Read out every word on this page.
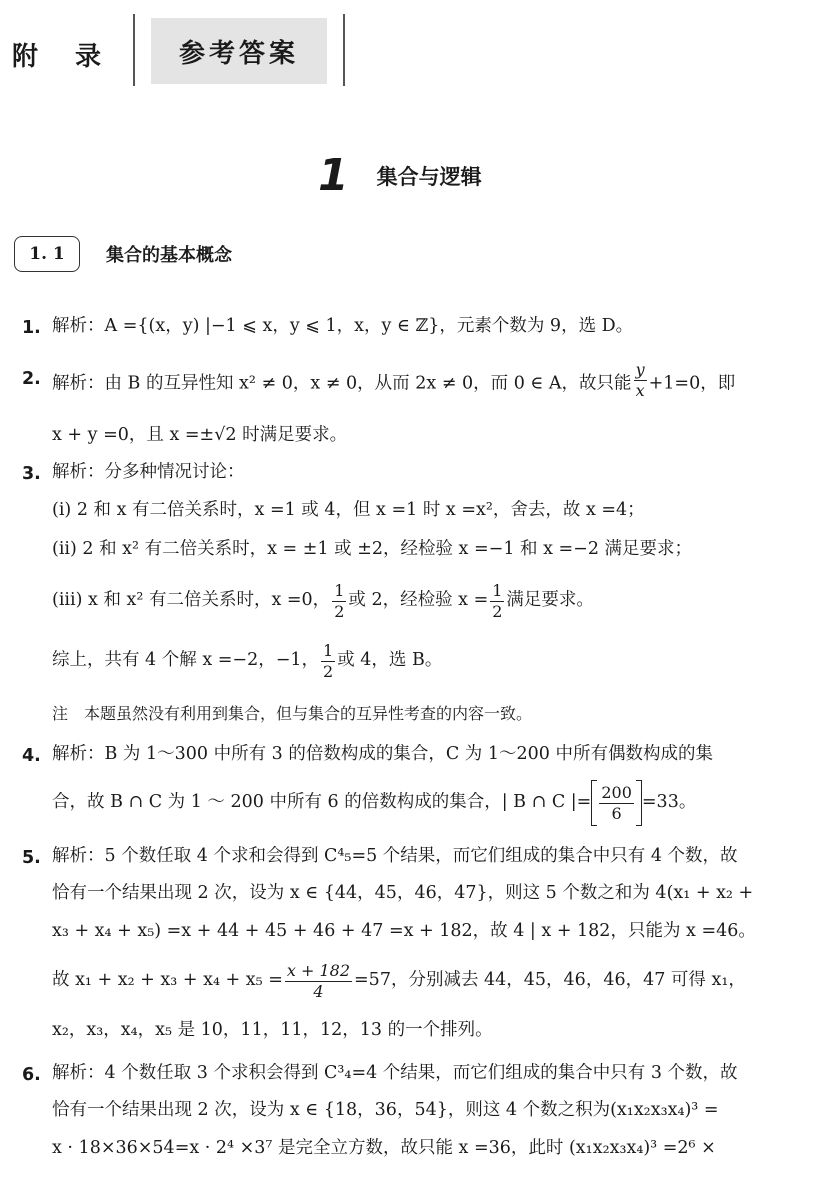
附 录	参考答案
1 集合与逻辑
1. 1	集合的基本概念
1. 解析：A ={(x，y) |−1 ⩽ x，y ⩽ 1，x，y ∈ ℤ}，元素个数为 9，选 D。
2. 解析：由 B 的互异性知 x² ≠ 0，x ≠ 0，从而 2x ≠ 0，而 0 ∈ A，故只能 $\frac{y}{x} +1=0$，即
x + y =0，且 x =±√2 时满足要求。
3. 解析：分多种情况讨论：
(i) 2 和 x 有二倍关系时，x =1 或 4，但 x =1 时 x =x²，舍去，故 x =4；
(ii) 2 和 x² 有二倍关系时，x = ±1 或 ±2，经检验 x =−1 和 x =−2 满足要求；
(iii) x 和 x² 有二倍关系时，x =0， $\frac{1}{2}$ 或 2，经检验 $x = \frac{1}{2}$ 满足要求。
综上，共有 4 个解 x =−2，−1， $\frac{1}{2}$ 或 4，选 B。
注　本题虽然没有利用到集合，但与集合的互异性考查的内容一致。
4. 解析：B 为 1～300 中所有 3 的倍数构成的集合，C 为 1～200 中所有偶数构成的集
合，故 B ∩ C 为 1 ～ 200 中所有 6 的倍数构成的集合，| B ∩ C |= $\frac{200}{6} =33$。
5. 解析：5 个数任取 4 个求和会得到 C⁴₅=5 个结果，而它们组成的集合中只有 4 个数，故
恰有一个结果出现 2 次，设为 x ∈ {44，45，46，47}，则这 5 个数之和为 4(x₁ + x₂ +
x₃ + x₄ + x₅) =x + 44 + 45 + 46 + 47 =x + 182，故 4 | x + 182，只能为 x =46。
故 $x_1 + x_2 + x_3 + x_4 + x_5 = \frac{x + 182}{4} =57$，分别减去 44，45，46，46，47 可得 x₁，
x₂，x₃，x₄，x₅ 是 10，11，11，12，13 的一个排列。
6. 解析：4 个数任取 3 个求积会得到 C³₄=4 个结果，而它们组成的集合中只有 3 个数，故
恰有一个结果出现 2 次，设为 x ∈ {18，36，54}，则这 4 个数之积为(x₁x₂x₃x₄)³ =
x · 18×36×54=x · 2⁴ ×3⁷ 是完全立方数，故只能 x =36，此时 (x₁x₂x₃x₄)³ =2⁶ ×
